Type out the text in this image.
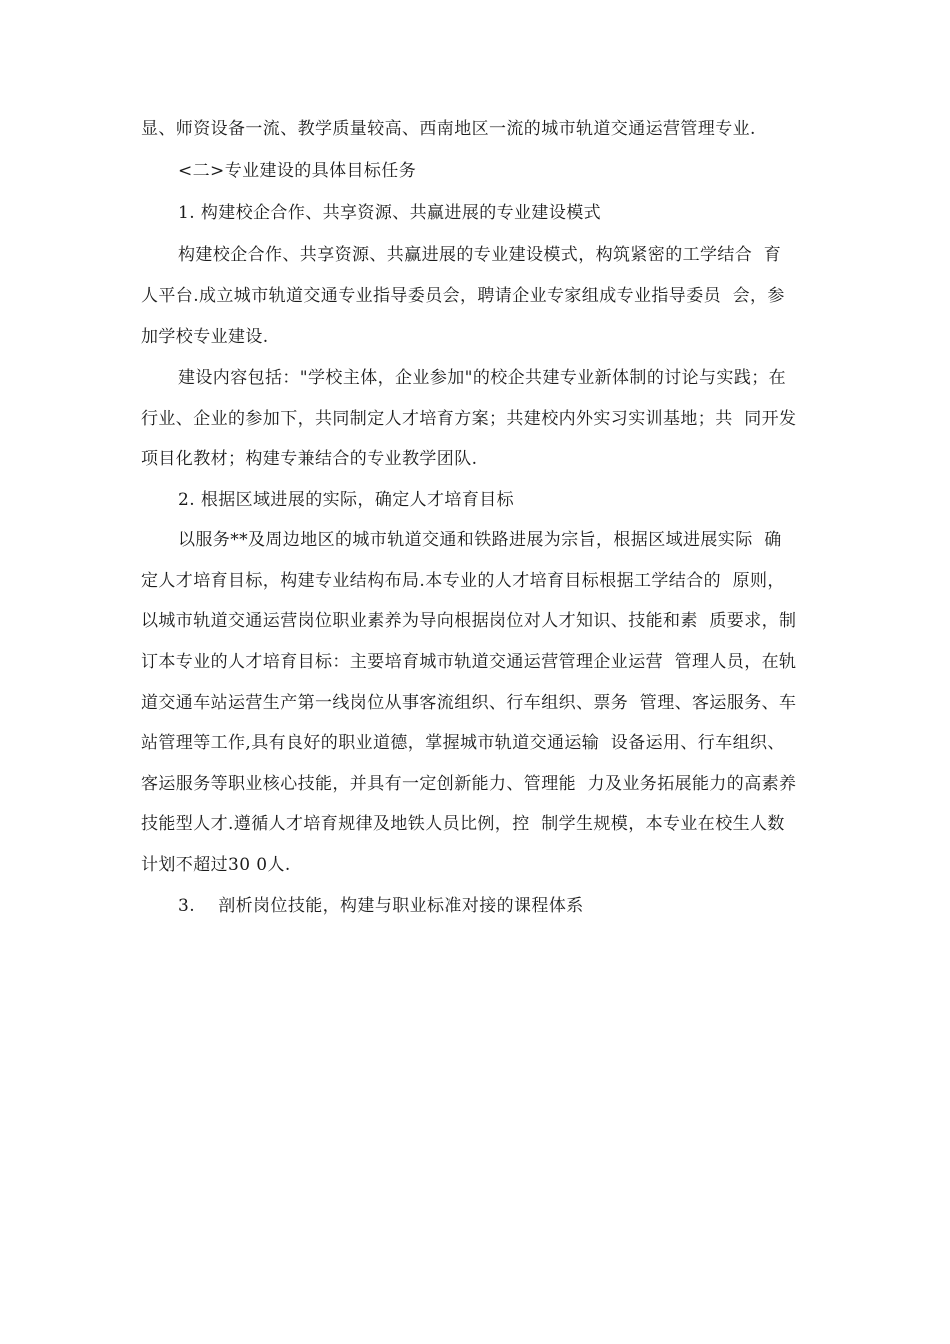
显、师资设备一流、教学质量较高、西南地区一流的城市轨道交通运营管理专业.
<二>专业建设的具体目标任务
1. 构建校企合作、共享资源、共赢进展的专业建设模式
构建校企合作、共享资源、共赢进展的专业建设模式，构筑紧密的工学结合  育
人平台.成立城市轨道交通专业指导委员会，聘请企业专家组成专业指导委员  会，参
加学校专业建设.
建设内容包括："学校主体，企业参加"的校企共建专业新体制的讨论与实践；在
行业、企业的参加下，共同制定人才培育方案；共建校内外实习实训基地；共  同开发
项目化教材；构建专兼结合的专业教学团队.
2. 根据区域进展的实际，确定人才培育目标
以服务**及周边地区的城市轨道交通和铁路进展为宗旨，根据区域进展实际  确
定人才培育目标，构建专业结构布局.本专业的人才培育目标根据工学结合的  原则，
以城市轨道交通运营岗位职业素养为导向根据岗位对人才知识、技能和素  质要求，制
订本专业的人才培育目标：主要培育城市轨道交通运营管理企业运营  管理人员，在轨
道交通车站运营生产第一线岗位从事客流组织、行车组织、票务  管理、客运服务、车
站管理等工作,具有良好的职业道德，掌握城市轨道交通运输  设备运用、行车组织、
客运服务等职业核心技能，并具有一定创新能力、管理能  力及业务拓展能力的高素养
技能型人才.遵循人才培育规律及地铁人员比例，控  制学生规模，本专业在校生人数
计划不超过30 0人.
3.    剖析岗位技能，构建与职业标准对接的课程体系
